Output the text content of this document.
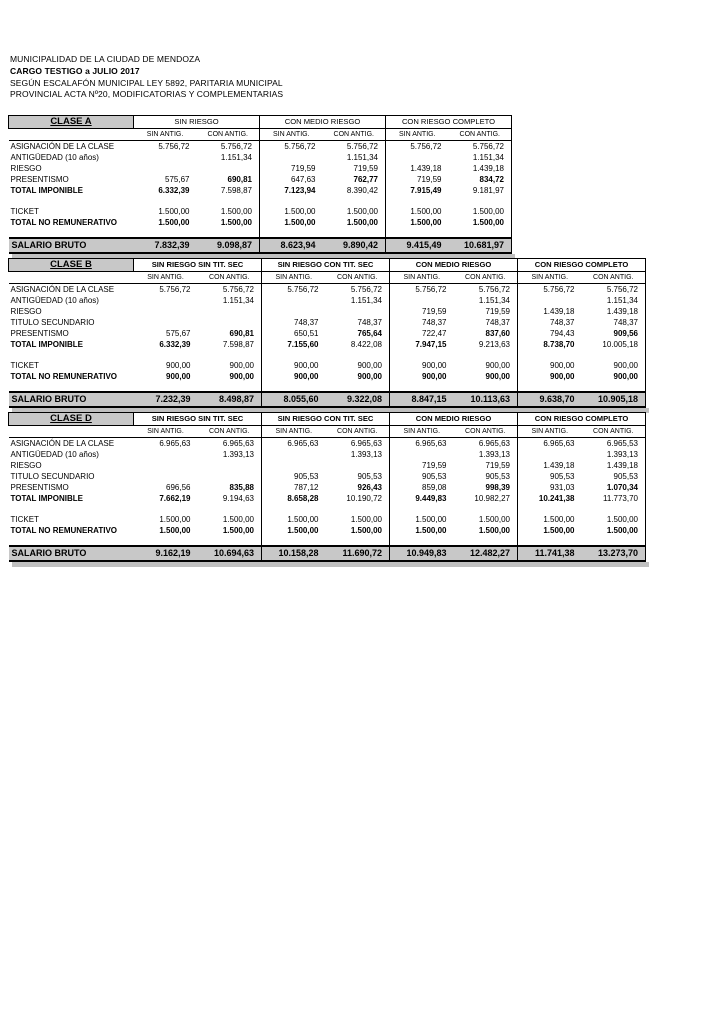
MUNICIPALIDAD DE LA CIUDAD DE MENDOZA
CARGO TESTIGO a JULIO 2017
SEGÚN ESCALAFÓN MUNICIPAL LEY 5892, PARITARIA MUNICIPAL
PROVINCIAL ACTA Nº20, MODIFICATORIAS Y COMPLEMENTARIAS
CLASE A	SIN RIESGO		CON MEDIO RIESGO		CON RIESGO COMPLETO	
	SIN ANTIG.	CON ANTIG.	SIN ANTIG.	CON ANTIG.	SIN ANTIG.	CON ANTIG.
ASIGNACIÓN DE LA CLASE	5.756,72	5.756,72	5.756,72	5.756,72	5.756,72	5.756,72
ANTIGÜEDAD (10 años)		1.151,34		1.151,34		1.151,34
RIESGO			719,59	719,59	1.439,18	1.439,18
PRESENTISMO	575,67	690,81	647,63	762,77	719,59	834,72
TOTAL IMPONIBLE	6.332,39	7.598,87	7.123,94	8.390,42	7.915,49	9.181,97

TICKET	1.500,00	1.500,00	1.500,00	1.500,00	1.500,00	1.500,00
TOTAL NO REMUNERATIVO	1.500,00	1.500,00	1.500,00	1.500,00	1.500,00	1.500,00

SALARIO BRUTO	7.832,39	9.098,87	8.623,94	9.890,42	9.415,49	10.681,97
CLASE B	SIN RIESGO SIN TIT. SEC		SIN RIESGO CON TIT. SEC		CON MEDIO RIESGO		CON RIESGO COMPLETO	
	SIN ANTIG.	CON ANTIG.	SIN ANTIG.	CON ANTIG.	SIN ANTIG.	CON ANTIG.	SIN ANTIG.	CON ANTIG.
ASIGNACIÓN DE LA CLASE	5.756,72	5.756,72	5.756,72	5.756,72	5.756,72	5.756,72	5.756,72	5.756,72
ANTIGÜEDAD (10 años)		1.151,34		1.151,34		1.151,34		1.151,34
RIESGO					719,59	719,59	1.439,18	1.439,18
TITULO SECUNDARIO			748,37	748,37	748,37	748,37	748,37	748,37
PRESENTISMO	575,67	690,81	650,51	765,64	722,47	837,60	794,43	909,56
TOTAL IMPONIBLE	6.332,39	7.598,87	7.155,60	8.422,08	7.947,15	9.213,63	8.738,70	10.005,18

TICKET	900,00	900,00	900,00	900,00	900,00	900,00	900,00	900,00
TOTAL NO REMUNERATIVO	900,00	900,00	900,00	900,00	900,00	900,00	900,00	900,00

SALARIO BRUTO	7.232,39	8.498,87	8.055,60	9.322,08	8.847,15	10.113,63	9.638,70	10.905,18
CLASE D	SIN RIESGO SIN TIT. SEC		SIN RIESGO CON TIT. SEC		CON MEDIO RIESGO		CON RIESGO COMPLETO	
	SIN ANTIG.	CON ANTIG.	SIN ANTIG.	CON ANTIG.	SIN ANTIG.	CON ANTIG.	SIN ANTIG.	CON ANTIG.
ASIGNACIÓN DE LA CLASE	6.965,63	6.965,63	6.965,63	6.965,63	6.965,63	6.965,63	6.965,63	6.965,53
ANTIGÜEDAD (10 años)		1.393,13		1.393,13		1.393,13		1.393,13
RIESGO					719,59	719,59	1.439,18	1.439,18
TITULO SECUNDARIO			905,53	905,53	905,53	905,53	905,53	905,53
PRESENTISMO	696,56	835,88	787,12	926,43	859,08	998,39	931,03	1.070,34
TOTAL IMPONIBLE	7.662,19	9.194,63	8.658,28	10.190,72	9.449,83	10.982,27	10.241,38	11.773,70

TICKET	1.500,00	1.500,00	1.500,00	1.500,00	1.500,00	1.500,00	1.500,00	1.500,00
TOTAL NO REMUNERATIVO	1.500,00	1.500,00	1.500,00	1.500,00	1.500,00	1.500,00	1.500,00	1.500,00

SALARIO BRUTO	9.162,19	10.694,63	10.158,28	11.690,72	10.949,83	12.482,27	11.741,38	13.273,70
